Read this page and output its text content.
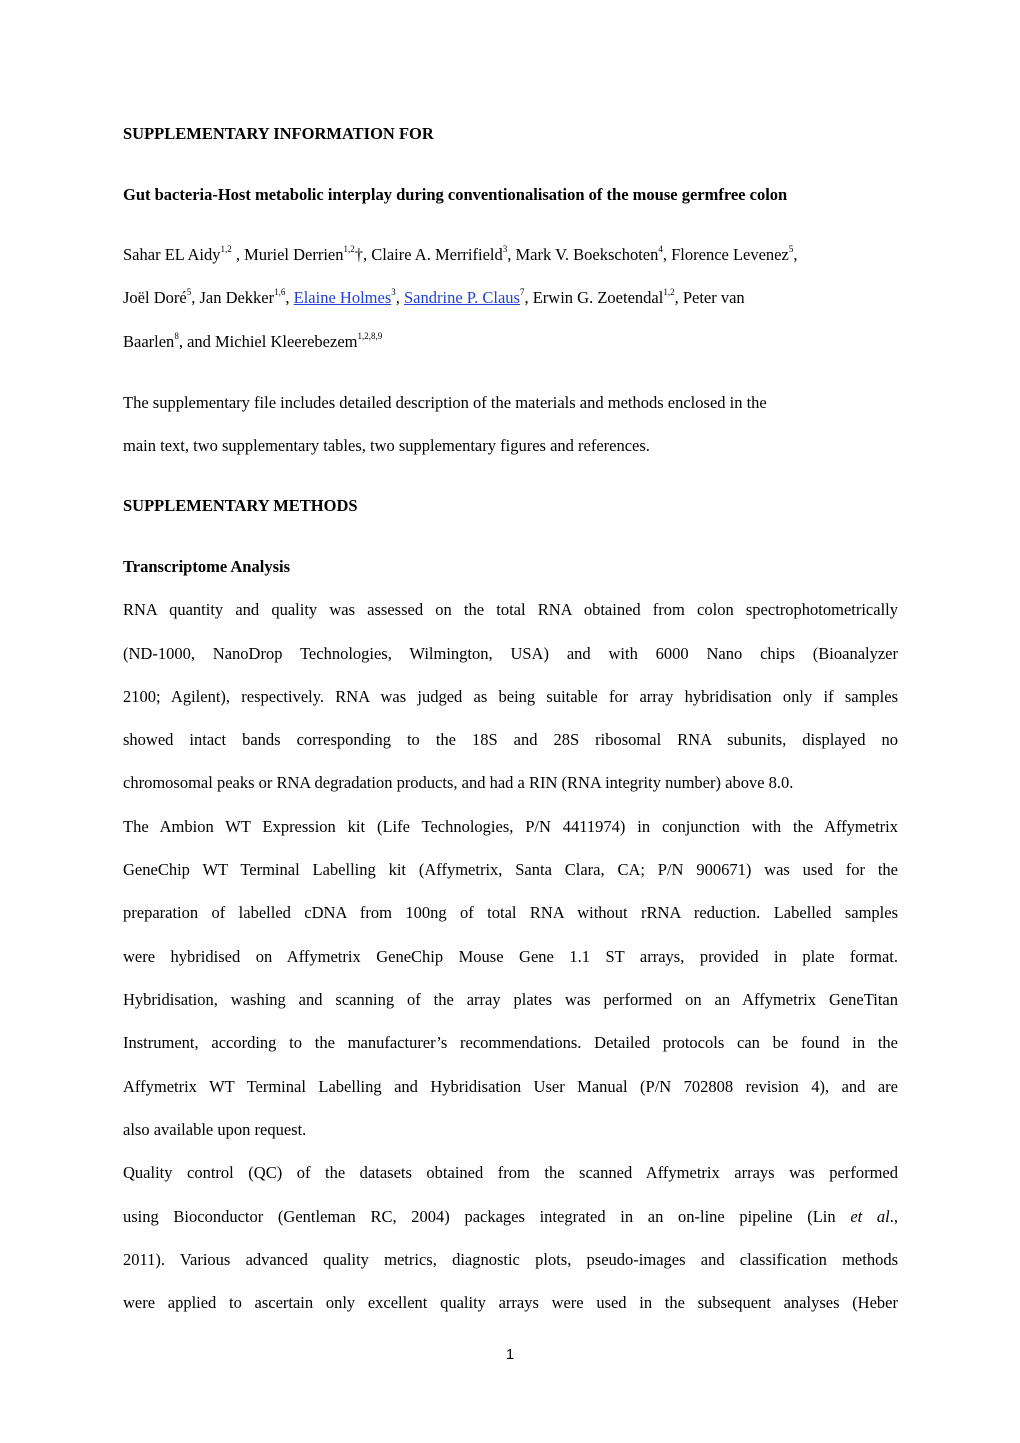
SUPPLEMENTARY INFORMATION FOR
Gut bacteria-Host metabolic interplay during conventionalisation of the mouse germfree colon
Sahar EL Aidy$^{1,2}$ , Muriel Derrien$^{1,2}$†, Claire A. Merrifield$^3$, Mark V. Boekschoten$^4$, Florence Levenez$^5$,
Joël Doré$^5$, Jan Dekker$^{1,6}$, Elaine Holmes$^3$, Sandrine P. Claus$^7$, Erwin G. Zoetendal$^{1,2}$, Peter van
Baarlen$^8$, and Michiel Kleerebezem$^{1,2,8,9}$
The supplementary file includes detailed description of the materials and methods enclosed in the
main text, two supplementary tables, two supplementary figures and references.
SUPPLEMENTARY METHODS
Transcriptome Analysis
RNA quantity and quality was assessed on the total RNA obtained from colon spectrophotometrically
(ND-1000, NanoDrop Technologies, Wilmington, USA) and with 6000 Nano chips (Bioanalyzer
2100; Agilent), respectively. RNA was judged as being suitable for array hybridisation only if samples
showed intact bands corresponding to the 18S and 28S ribosomal RNA subunits, displayed no
chromosomal peaks or RNA degradation products, and had a RIN (RNA integrity number) above 8.0.
The Ambion WT Expression kit (Life Technologies, P/N 4411974) in conjunction with the Affymetrix
GeneChip WT Terminal Labelling kit (Affymetrix, Santa Clara, CA; P/N 900671) was used for the
preparation of labelled cDNA from 100ng of total RNA without rRNA reduction. Labelled samples
were hybridised on Affymetrix GeneChip Mouse Gene 1.1 ST arrays, provided in plate format.
Hybridisation, washing and scanning of the array plates was performed on an Affymetrix GeneTitan
Instrument, according to the manufacturer’s recommendations. Detailed protocols can be found in the
Affymetrix WT Terminal Labelling and Hybridisation User Manual (P/N 702808 revision 4), and are
also available upon request.
Quality control (QC) of the datasets obtained from the scanned Affymetrix arrays was performed
using Bioconductor (Gentleman RC, 2004) packages integrated in an on-line pipeline (Lin et al.,
2011). Various advanced quality metrics, diagnostic plots, pseudo-images and classification methods
were applied to ascertain only excellent quality arrays were used in the subsequent analyses (Heber
1
